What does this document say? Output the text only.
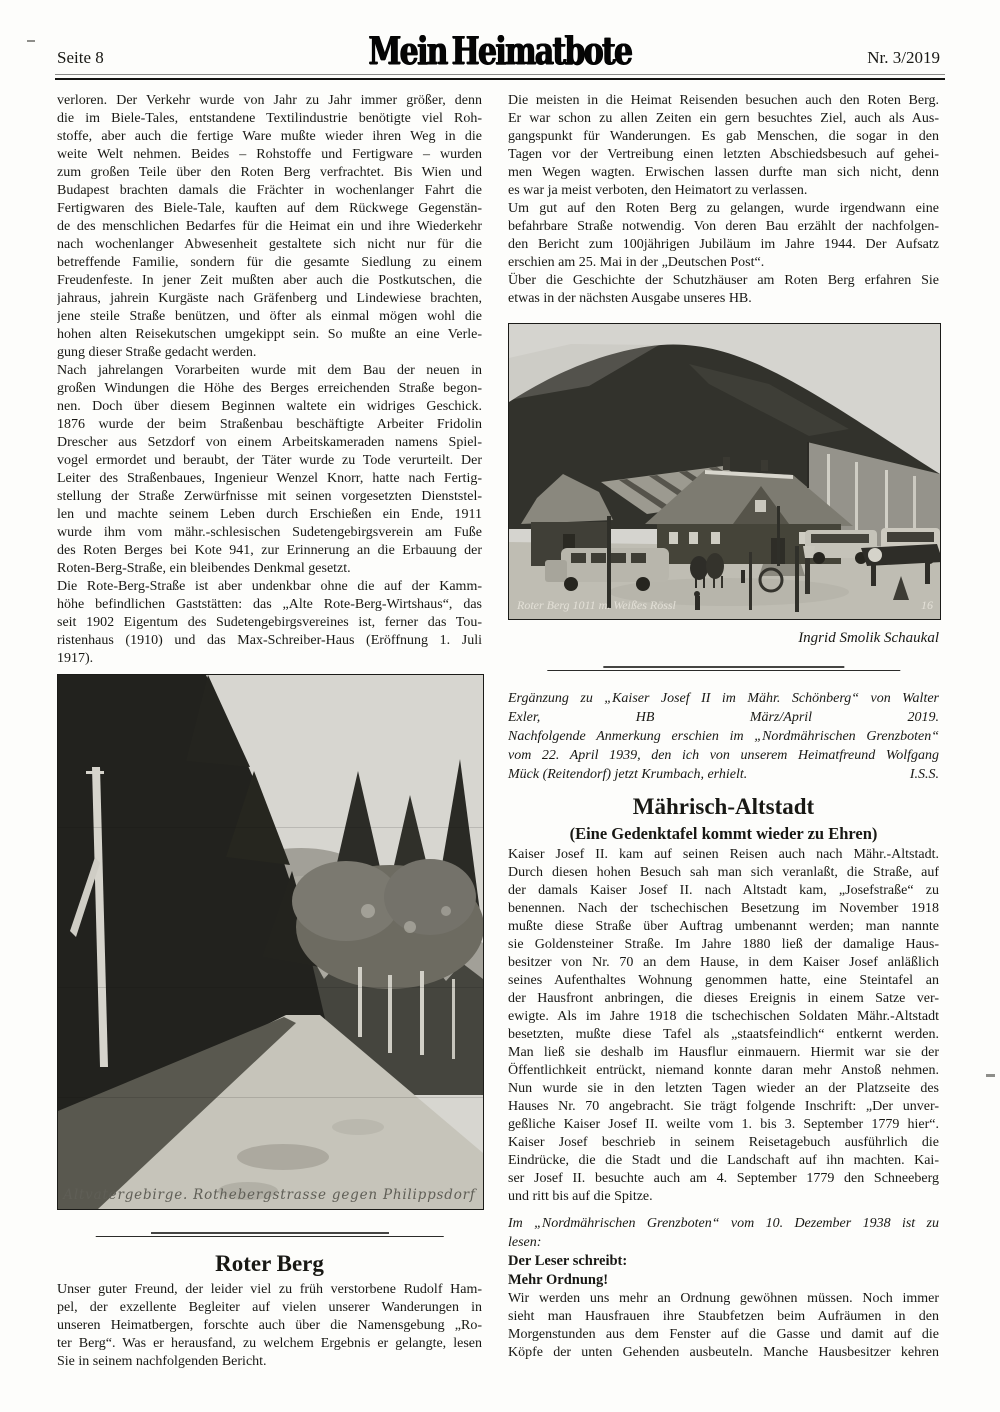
Seite 8	Mein Heimatbote	Nr. 3/2019
verloren. Der Verkehr wurde von Jahr zu Jahr immer größer, denn
die im Biele-Tales, entstandene Textilindustrie benötigte viel Roh-
stoffe, aber auch die fertige Ware mußte wieder ihren Weg in die
weite Welt nehmen. Beides – Rohstoffe und Fertigware – wurden
zum großen Teile über den Roten Berg verfrachtet. Bis Wien und
Budapest brachten damals die Frächter in wochenlanger Fahrt die
Fertigwaren des Biele-Tale, kauften auf dem Rückwege Gegenstän-
de des menschlichen Bedarfes für die Heimat ein und ihre Wiederkehr
nach wochenlanger Abwesenheit gestaltete sich nicht nur für die
betreffende Familie, sondern für die gesamte Siedlung zu einem
Freudenfeste. In jener Zeit mußten aber auch die Postkutschen, die
jahraus, jahrein Kurgäste nach Gräfenberg und Lindewiese brachten,
jene steile Straße benützen, und öfter als einmal mögen wohl die
hohen alten Reisekutschen umgekippt sein. So mußte an eine Verle-
gung dieser Straße gedacht werden.
Nach jahrelangen Vorarbeiten wurde mit dem Bau der neuen in
großen Windungen die Höhe des Berges erreichenden Straße begon-
nen. Doch über diesem Beginnen waltete ein widriges Geschick.
1876 wurde der beim Straßenbau beschäftigte Arbeiter Fridolin
Drescher aus Setzdorf von einem Arbeitskameraden namens Spiel-
vogel ermordet und beraubt, der Täter wurde zu Tode verurteilt. Der
Leiter des Straßenbaues, Ingenieur Wenzel Knorr, hatte nach Fertig-
stellung der Straße Zerwürfnisse mit seinen vorgesetzten Dienststel-
len und machte seinem Leben durch Erschießen ein Ende, 1911
wurde ihm vom mähr.-schlesischen Sudetengebirgsverein am Fuße
des Roten Berges bei Kote 941, zur Erinnerung an die Erbauung der
Roten-Berg-Straße, ein bleibendes Denkmal gesetzt.
Die Rote-Berg-Straße ist aber undenkbar ohne die auf der Kamm-
höhe befindlichen Gaststätten: das „Alte Rote-Berg-Wirtshaus“, das
seit 1902 Eigentum des Sudetengebirgsvereines ist, ferner das Tou-
ristenhaus (1910) und das Max-Schreiber-Haus (Eröffnung 1. Juli
1917).
Altvatergebirge. Rothebergstrasse gegen Philippsdorf
Roter Berg
Unser guter Freund, der leider viel zu früh verstorbene Rudolf Ham-
pel, der exzellente Begleiter auf vielen unserer Wanderungen in
unseren Heimatbergen, forschte auch über die Namensgebung „Ro-
ter Berg“. Was er herausfand, zu welchem Ergebnis er gelangte, lesen
Sie in seinem nachfolgenden Bericht.
Die meisten in die Heimat Reisenden besuchen auch den Roten Berg.
Er war schon zu allen Zeiten ein gern besuchtes Ziel, auch als Aus-
gangspunkt für Wanderungen. Es gab Menschen, die sogar in den
Tagen vor der Vertreibung einen letzten Abschiedsbesuch auf gehei-
men Wegen wagten. Erwischen lassen durfte man sich nicht, denn
es war ja meist verboten, den Heimatort zu verlassen.
Um gut auf den Roten Berg zu gelangen, wurde irgendwann eine
befahrbare Straße notwendig. Von deren Bau erzählt der nachfolgen-
den Bericht zum 100jährigen Jubiläum im Jahre 1944. Der Aufsatz
erschien am 25. Mai in der „Deutschen Post“.
Über die Geschichte der Schutzhäuser am Roten Berg erfahren Sie
etwas in der nächsten Ausgabe unseres HB.
Roter Berg 1011 m. Weißes Rössl	16
Ingrid Smolik Schaukal
Ergänzung zu „Kaiser Josef II im Mähr. Schönberg“ von Walter
Exler, HB März/April 2019.
Nachfolgende Anmerkung erschien im „Nordmährischen Grenzboten“
vom 22. April 1939, den ich von unserem Heimatfreund Wolfgang
Mück (Reitendorf) jetzt Krumbach, erhielt.	I.S.S.
Mährisch-Altstadt
(Eine Gedenktafel kommt wieder zu Ehren)
Kaiser Josef II. kam auf seinen Reisen auch nach Mähr.-Altstadt.
Durch diesen hohen Besuch sah man sich veranlaßt, die Straße, auf
der damals Kaiser Josef II. nach Altstadt kam, „Josefstraße“ zu
benennen. Nach der tschechischen Besetzung im November 1918
mußte diese Straße über Auftrag umbenannt werden; man nannte
sie Goldensteiner Straße. Im Jahre 1880 ließ der damalige Haus-
besitzer von Nr. 70 an dem Hause, in dem Kaiser Josef anläßlich
seines Aufenthaltes Wohnung genommen hatte, eine Steintafel an
der Hausfront anbringen, die dieses Ereignis in einem Satze ver-
ewigte. Als im Jahre 1918 die tschechischen Soldaten Mähr.-Altstadt
besetzten, mußte diese Tafel als „staatsfeindlich“ entkernt werden.
Man ließ sie deshalb im Hausflur einmauern. Hiermit war sie der
Öffentlichkeit entrückt, niemand konnte daran mehr Anstoß nehmen.
Nun wurde sie in den letzten Tagen wieder an der Platzseite des
Hauses Nr. 70 angebracht. Sie trägt folgende Inschrift: „Der unver-
geßliche Kaiser Josef II. weilte vom 1. bis 3. September 1779 hier“.
Kaiser Josef beschrieb in seinem Reisetagebuch ausführlich die
Eindrücke, die die Stadt und die Landschaft auf ihn machten. Kai-
ser Josef II. besuchte auch am 4. September 1779 den Schneeberg
und ritt bis auf die Spitze.
Im „Nordmährischen Grenzboten“ vom 10. Dezember 1938 ist zu
lesen:
Der Leser schreibt:
Mehr Ordnung!
Wir werden uns mehr an Ordnung gewöhnen müssen. Noch immer
sieht man Hausfrauen ihre Staubfetzen beim Aufräumen in den
Morgenstunden aus dem Fenster auf die Gasse und damit auf die
Köpfe der unten Gehenden ausbeuteln. Manche Hausbesitzer kehren
